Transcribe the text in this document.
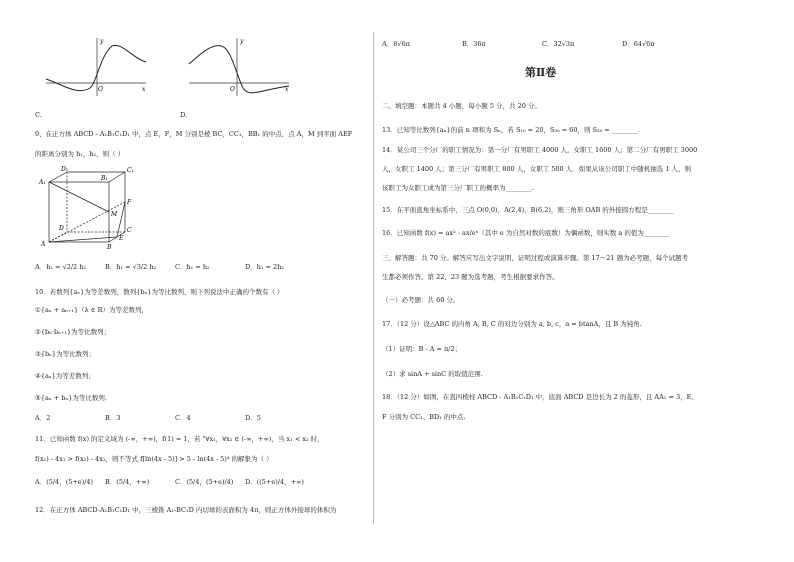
x
y
O
C.
x
y
O
D.
9、在正方体 ABCD - A₁B₁C₁D₁ 中，点 E，F，M 分别是棱 BC，CC₁，BB₁ 的中点，点 A，M 到平面 AEF
的距离分别为 h₁，h₂，则（ ）
A₁
D₁	C₁
B₁
F
M
D	C
E
A	B
A．h₁ = √2/2 h₂	B．h₁ = √3/2 h₂	C．h₁ = h₂	D．h₁ = 2h₂
10．若数列{aₙ}为等差数列，数列{bₙ}为等比数列，则下列说法中正确的个数有（ ）
①{aₙ + aₙ₊₁}（λ ∈ R）为等差数列，
②{bₙ·bₙ₊₁}为等比数列；
③{bₙ}为等比数列；
④{aₙ}为等差数列；
⑤{aₙ + bₙ}为等比数列.
A．2	B．3	C．4	D．5
11．已知函数 f(x) 的定义域为 (-∞，+∞)，f(1) = 1，若 "∀x₁，∀x₂ ∈ (-∞，+∞)，当 x₁ < x₂ 时，
f(x₁) - 4x₁ > f(x₂) - 4x₂，则不等式 f[ln(4x - 5)] > 5 - ln(4x - 5)⁴ 的解集为（ ）
A．(5/4，(5+e)/4) B．(5/4，+∞)	C．(5/4，(5+e)/4) D．((5+e)/4，+∞)
12．在正方体 ABCD-A₁B₁C₁D₁ 中，三棱锥 A₁-BC₁D 内切球的表面积为 4π，则正方体外接球的体积为
A．8√6π	B．36π	C．32√3π	D．64√6π
第Ⅱ卷
二、填空题：本题共 4 小题，每小题 5 分，共 20 分。
13．已知等比数列{aₙ}的前 n 项和为 Sₙ，若 S₁₀ = 20，S₃₀ = 60，则 S₂₀ = ________.
14．某公司三个分厂的职工情况为：第一分厂有男职工 4000 人，女职工 1600 人；第二分厂有男职工 3000
人，女职工 1400 人；第三分厂有男职工 800 人，女职工 500 人．如果从该公司职工中随机抽选 1 人，则
该职工为女职工或为第三分厂职工的概率为________.
15．在平面直角坐标系中，三点 O(0,0)，A(2,4)，B(6,2)，则三角形 OAB 的外接圆方程是________
16．已知函数 f(x) = ax² - ax/eˣ（其中 e 为自然对数的底数）为偶函数，则实数 a 的值为________
三、解答题：共 70 分。解答应写出文字说明、证明过程或演算步骤。第 17～21 题为必考题，每个试题考
生都必须作答。第 22、23 题为选考题，考生根据要求作答。
（一）必考题：共 60 分。
17．（12 分）设△ABC 的内角 A, B, C 的对边分别为 a, b, c，a = btanA，且 B 为钝角.
（1）证明：B - A = π/2；
（2）求 sinA + sinC 的取值范围.
18．（12 分）如图，在直四棱柱 ABCD - A₁B₁C₁D₁ 中，底面 ABCD 是边长为 2 的菱形，且 AA₁ = 3，E、
F 分别为 CC₁、BD₁ 的中点.
